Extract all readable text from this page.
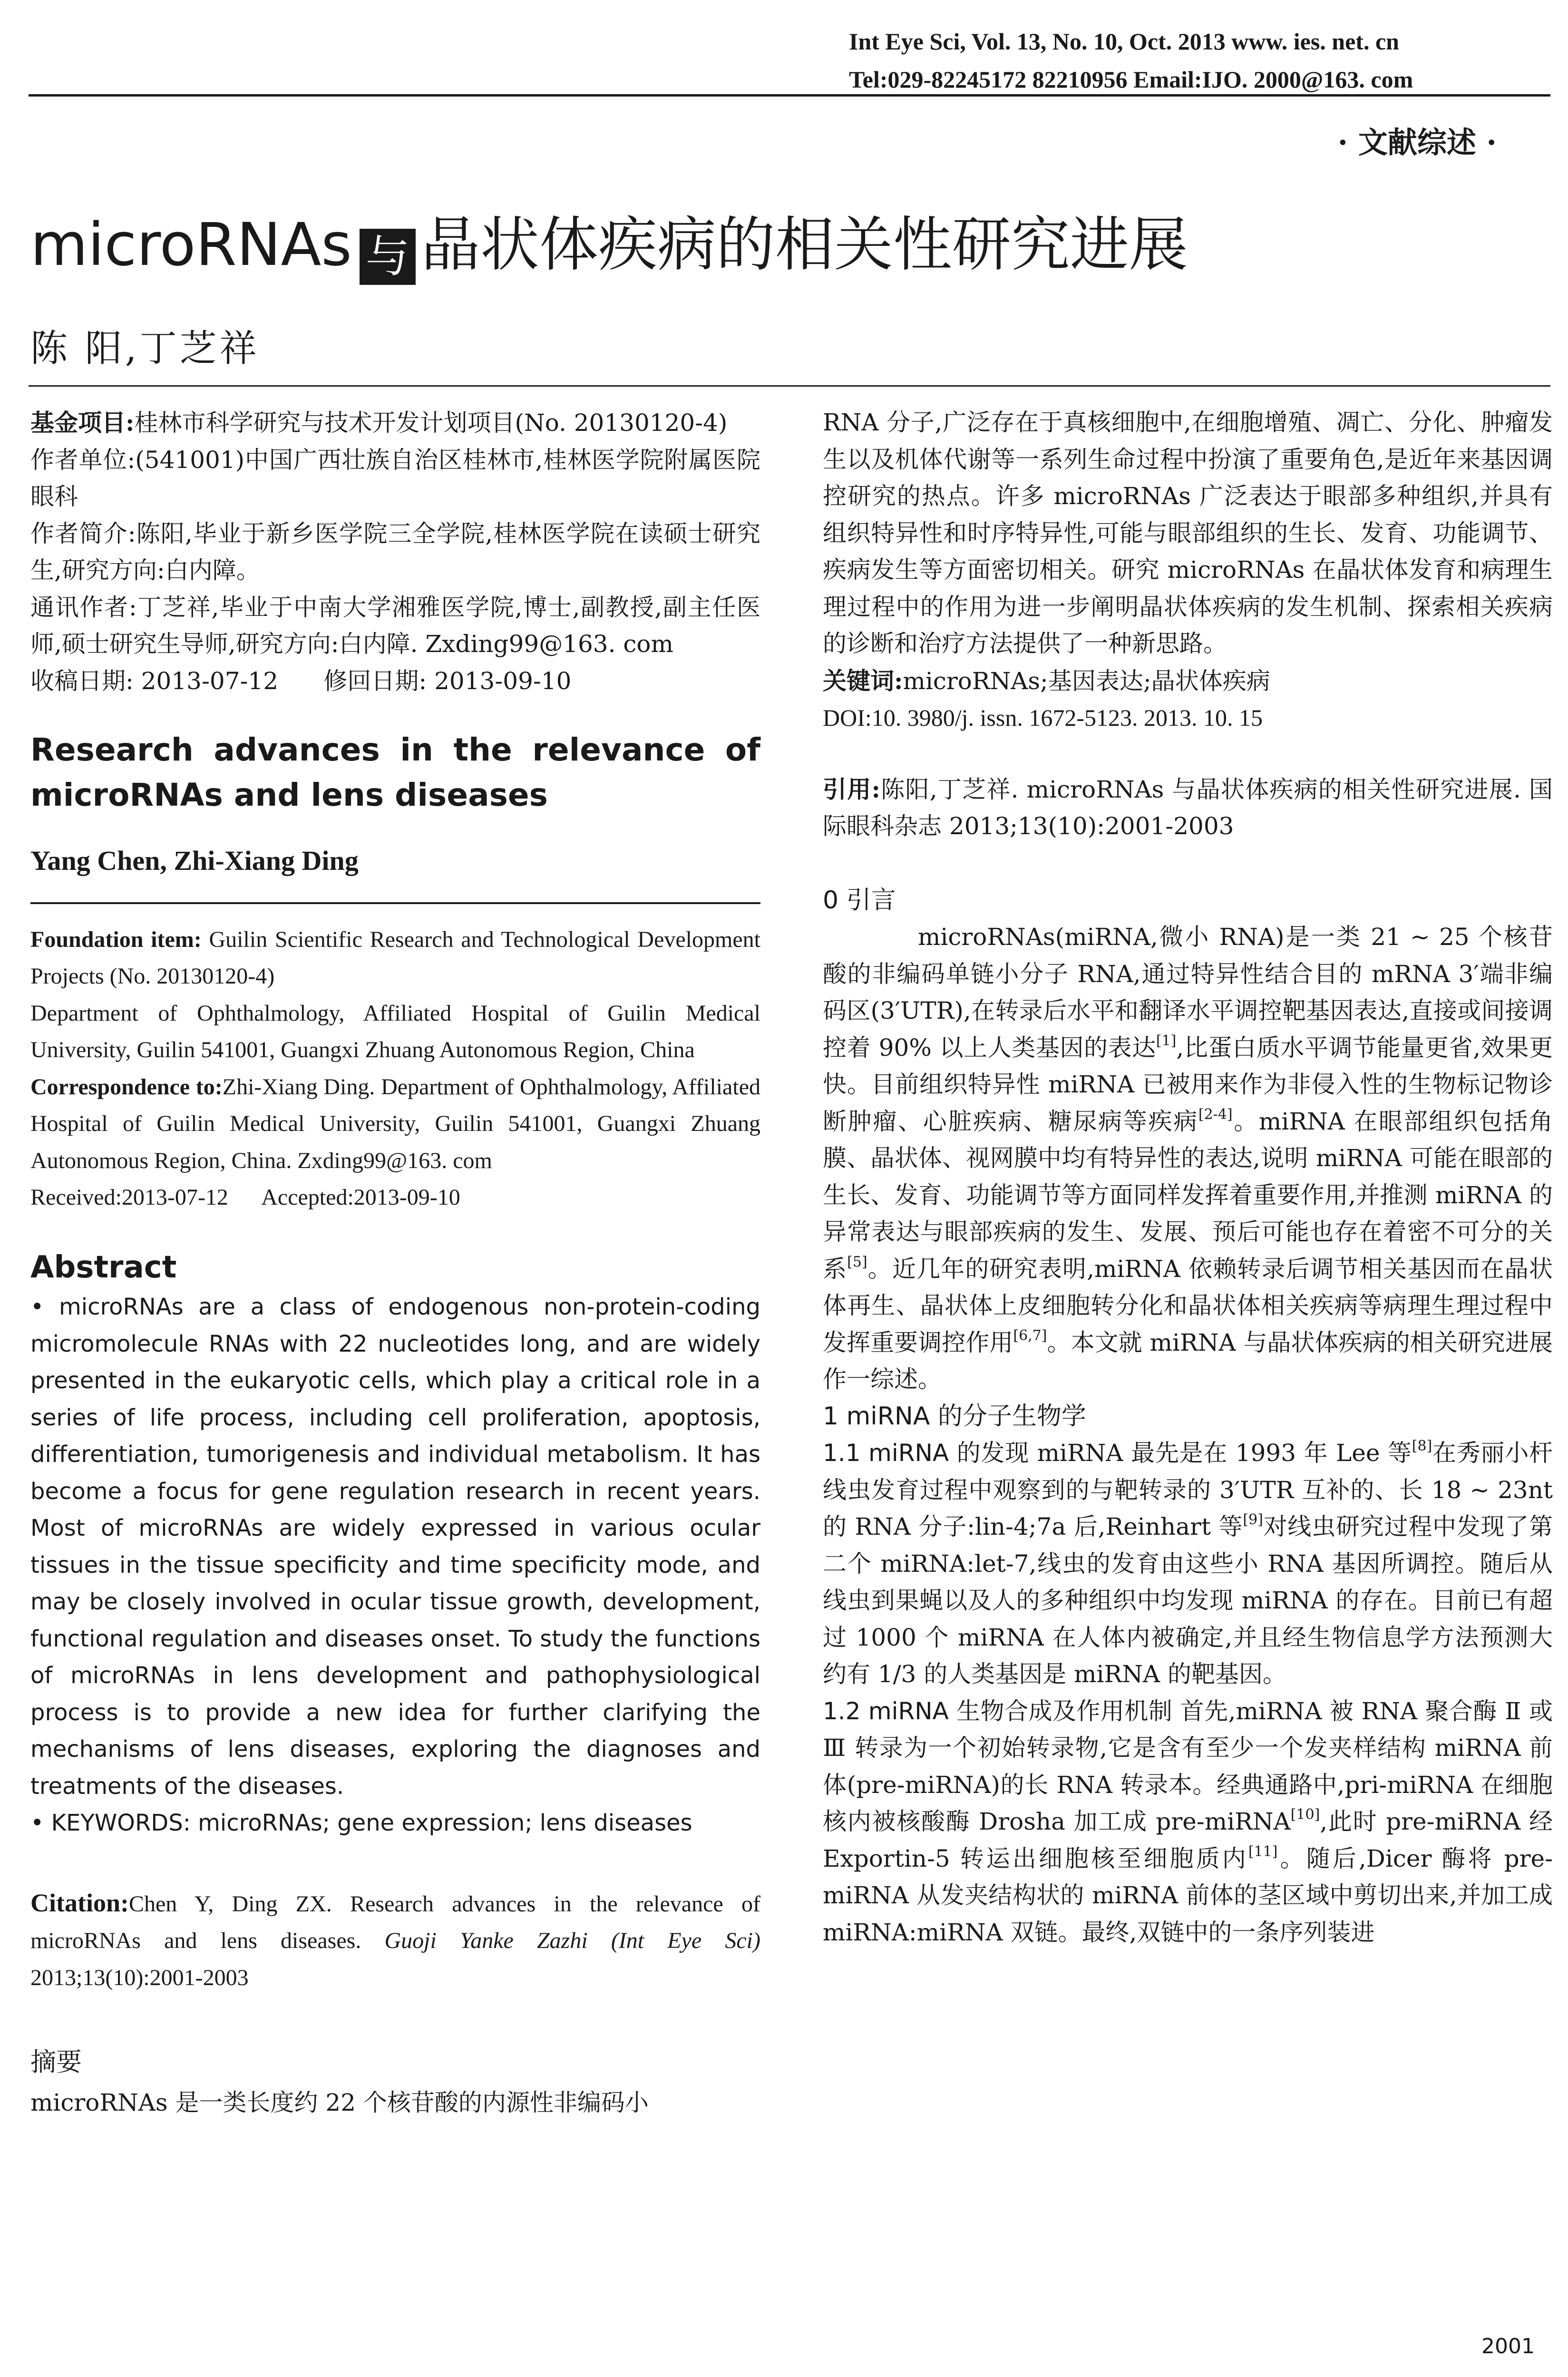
Int Eye Sci, Vol. 13, No. 10, Oct. 2013 www. ies. net. cn
Tel:029-82245172 82210956 Email:IJO. 2000@163. com
· 文献综述 ·
microRNAs 与 晶状体疾病的相关性研究进展
陈 阳,丁芝祥

基金项目:桂林市科学研究与技术开发计划项目(No. 20130120-4)

作者单位:(541001)中国广西壮族自治区桂林市,桂林医学院附属医院眼科

作者简介:陈阳,毕业于新乡医学院三全学院,桂林医学院在读硕士研究生,研究方向:白内障。

通讯作者:丁芝祥,毕业于中南大学湘雅医学院,博士,副教授,副主任医师,硕士研究生导师,研究方向:白内障. Zxding99@163. com

收稿日期: 2013-07-12      修回日期: 2013-09-10

Research advances in the relevance of microRNAs and lens diseases
Yang Chen, Zhi-Xiang Ding

Foundation item: Guilin Scientific Research and Technological Development Projects (No. 20130120-4)

Department of Ophthalmology, Affiliated Hospital of Guilin Medical University, Guilin 541001, Guangxi Zhuang Autonomous Region, China

Correspondence to:Zhi-Xiang Ding. Department of Ophthalmology, Affiliated Hospital of Guilin Medical University, Guilin 541001, Guangxi Zhuang Autonomous Region, China. Zxding99@163. com

Received:2013-07-12      Accepted:2013-09-10

Abstract
• microRNAs are a class of endogenous non-protein-coding micromolecule RNAs with 22 nucleotides long, and are widely presented in the eukaryotic cells, which play a critical role in a series of life process, including cell proliferation, apoptosis, differentiation, tumorigenesis and individual metabolism. It has become a focus for gene regulation research in recent years. Most of microRNAs are widely expressed in various ocular tissues in the tissue specificity and time specificity mode, and may be closely involved in ocular tissue growth, development, functional regulation and diseases onset. To study the functions of microRNAs in lens development and pathophysiological process is to provide a new idea for further clarifying the mechanisms of lens diseases, exploring the diagnoses and treatments of the diseases.
• KEYWORDS: microRNAs; gene expression; lens diseases
Citation:Chen Y, Ding ZX. Research advances in the relevance of microRNAs and lens diseases. Guoji Yanke Zazhi (Int Eye Sci) 2013;13(10):2001-2003
摘要

microRNAs 是一类长度约 22 个核苷酸的内源性非编码小

RNA 分子,广泛存在于真核细胞中,在细胞增殖、凋亡、分化、肿瘤发生以及机体代谢等一系列生命过程中扮演了重要角色,是近年来基因调控研究的热点。许多 microRNAs 广泛表达于眼部多种组织,并具有组织特异性和时序特异性,可能与眼部组织的生长、发育、功能调节、疾病发生等方面密切相关。研究 microRNAs 在晶状体发育和病理生理过程中的作用为进一步阐明晶状体疾病的发生机制、探索相关疾病的诊断和治疗方法提供了一种新思路。

关键词:microRNAs;基因表达;晶状体疾病

DOI:10. 3980/j. issn. 1672-5123. 2013. 10. 15

引用:陈阳,丁芝祥. microRNAs 与晶状体疾病的相关性研究进展. 国际眼科杂志 2013;13(10):2001-2003

0 引言

microRNAs(miRNA,微小 RNA)是一类 21 ~ 25 个核苷酸的非编码单链小分子 RNA,通过特异性结合目的 mRNA 3′端非编码区(3′UTR),在转录后水平和翻译水平调控靶基因表达,直接或间接调控着 90% 以上人类基因的表达[1],比蛋白质水平调节能量更省,效果更快。目前组织特异性 miRNA 已被用来作为非侵入性的生物标记物诊断肿瘤、心脏疾病、糖尿病等疾病[2-4]。miRNA 在眼部组织包括角膜、晶状体、视网膜中均有特异性的表达,说明 miRNA 可能在眼部的生长、发育、功能调节等方面同样发挥着重要作用,并推测 miRNA 的异常表达与眼部疾病的发生、发展、预后可能也存在着密不可分的关系[5]。近几年的研究表明,miRNA 依赖转录后调节相关基因而在晶状体再生、晶状体上皮细胞转分化和晶状体相关疾病等病理生理过程中发挥重要调控作用[6,7]。本文就 miRNA 与晶状体疾病的相关研究进展作一综述。

1 miRNA 的分子生物学

1.1 miRNA 的发现 miRNA 最先是在 1993 年 Lee 等[8]在秀丽小杆线虫发育过程中观察到的与靶转录的 3′UTR 互补的、长 18 ~ 23nt 的 RNA 分子:lin-4;7a 后,Reinhart 等[9]对线虫研究过程中发现了第二个 miRNA:let-7,线虫的发育由这些小 RNA 基因所调控。随后从线虫到果蝇以及人的多种组织中均发现 miRNA 的存在。目前已有超过 1000 个 miRNA 在人体内被确定,并且经生物信息学方法预测大约有 1/3 的人类基因是 miRNA 的靶基因。

1.2 miRNA 生物合成及作用机制 首先,miRNA 被 RNA 聚合酶 Ⅱ 或 Ⅲ 转录为一个初始转录物,它是含有至少一个发夹样结构 miRNA 前体(pre-miRNA)的长 RNA 转录本。经典通路中,pri-miRNA 在细胞核内被核酸酶 Drosha 加工成 pre-miRNA[10],此时 pre-miRNA 经 Exportin-5 转运出细胞核至细胞质内[11]。随后,Dicer 酶将 pre-miRNA 从发夹结构状的 miRNA 前体的茎区域中剪切出来,并加工成 miRNA:miRNA 双链。最终,双链中的一条序列装进

2001
